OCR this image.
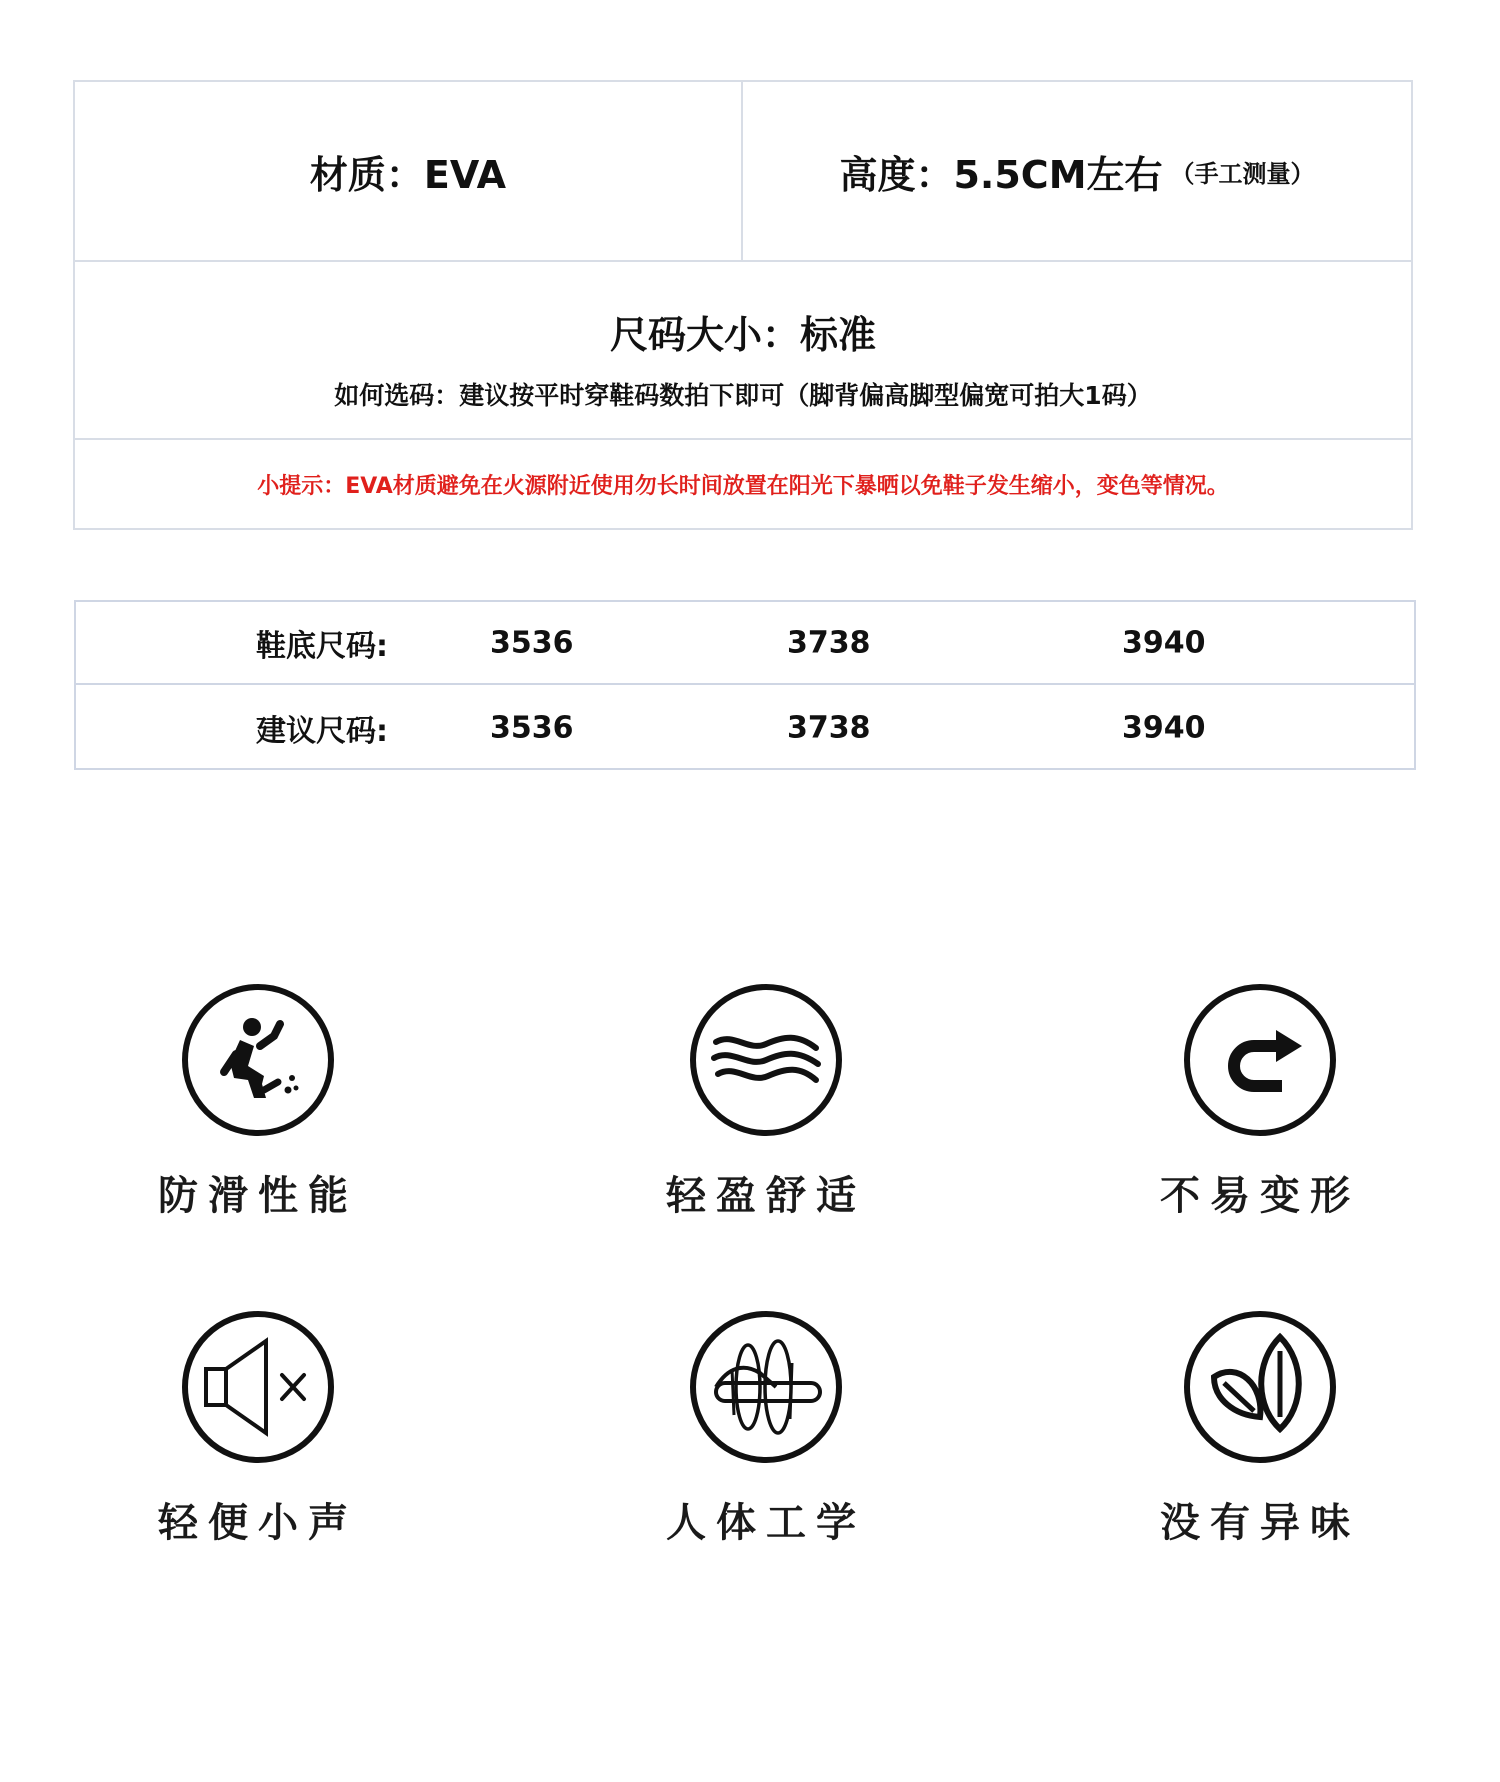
材质：EVA	高度：5.5CM左右 （手工测量）
尺码大小：标准
如何选码：建议按平时穿鞋码数拍下即可（脚背偏高脚型偏宽可拍大1码）
小提示：EVA材质避免在火源附近使用勿长时间放置在阳光下暴晒以免鞋子发生缩小，变色等情况。
鞋底尺码:	3536	3738	3940
建议尺码:	3536	3738	3940
防滑性能	轻盈舒适	不易变形
轻便小声	人体工学	没有异味
